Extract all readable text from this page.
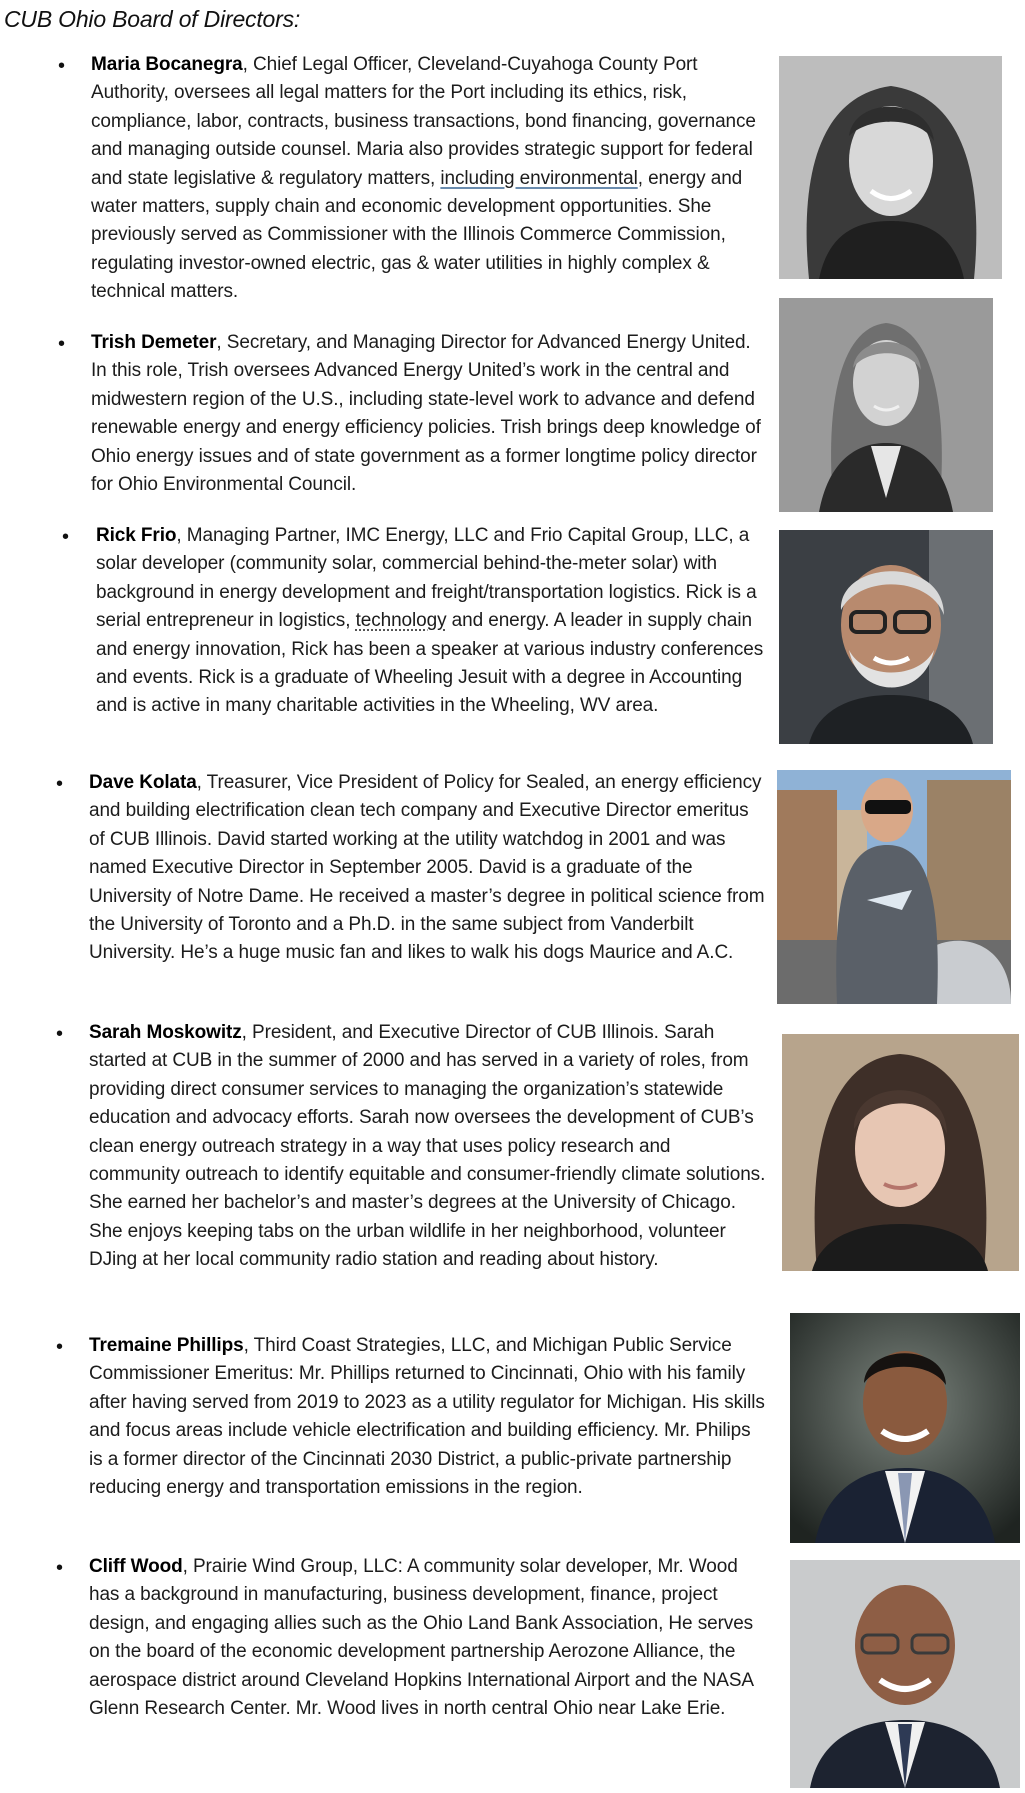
CUB Ohio Board of Directors:
• Maria Bocanegra, Chief Legal Officer, Cleveland-Cuyahoga County Port Authority, oversees all legal matters for the Port including its ethics, risk, compliance, labor, contracts, business transactions, bond financing, governance and managing outside counsel. Maria also provides strategic support for federal and state legislative & regulatory matters, including environmental, energy and water matters, supply chain and economic development opportunities. She previously served as Commissioner with the Illinois Commerce Commission, regulating investor-owned electric, gas & water utilities in highly complex & technical matters.
• Trish Demeter, Secretary, and Managing Director for Advanced Energy United. In this role, Trish oversees Advanced Energy United’s work in the central and midwestern region of the U.S., including state-level work to advance and defend renewable energy and energy efficiency policies. Trish brings deep knowledge of Ohio energy issues and of state government as a former longtime policy director for Ohio Environmental Council.
• Rick Frio, Managing Partner, IMC Energy, LLC and Frio Capital Group, LLC, a solar developer (community solar, commercial behind-the-meter solar) with background in energy development and freight/transportation logistics. Rick is a serial entrepreneur in logistics, technology and energy. A leader in supply chain and energy innovation, Rick has been a speaker at various industry conferences and events. Rick is a graduate of Wheeling Jesuit with a degree in Accounting and is active in many charitable activities in the Wheeling, WV area.
• Dave Kolata, Treasurer, Vice President of Policy for Sealed, an energy efficiency and building electrification clean tech company and Executive Director emeritus of CUB Illinois. David started working at the utility watchdog in 2001 and was named Executive Director in September 2005. David is a graduate of the University of Notre Dame. He received a master’s degree in political science from the University of Toronto and a Ph.D. in the same subject from Vanderbilt University. He’s a huge music fan and likes to walk his dogs Maurice and A.C.
• Sarah Moskowitz, President, and Executive Director of CUB Illinois. Sarah started at CUB in the summer of 2000 and has served in a variety of roles, from providing direct consumer services to managing the organization’s statewide education and advocacy efforts. Sarah now oversees the development of CUB’s clean energy outreach strategy in a way that uses policy research and community outreach to identify equitable and consumer-friendly climate solutions. She earned her bachelor’s and master’s degrees at the University of Chicago. She enjoys keeping tabs on the urban wildlife in her neighborhood, volunteer DJing at her local community radio station and reading about history.
• Tremaine Phillips, Third Coast Strategies, LLC, and Michigan Public Service Commissioner Emeritus: Mr. Phillips returned to Cincinnati, Ohio with his family after having served from 2019 to 2023 as a utility regulator for Michigan. His skills and focus areas include vehicle electrification and building efficiency. Mr. Philips is a former director of the Cincinnati 2030 District, a public-private partnership reducing energy and transportation emissions in the region.
• Cliff Wood, Prairie Wind Group, LLC: A community solar developer, Mr. Wood has a background in manufacturing, business development, finance, project design, and engaging allies such as the Ohio Land Bank Association, He serves on the board of the economic development partnership Aerozone Alliance, the aerospace district around Cleveland Hopkins International Airport and the NASA Glenn Research Center. Mr. Wood lives in north central Ohio near Lake Erie.
